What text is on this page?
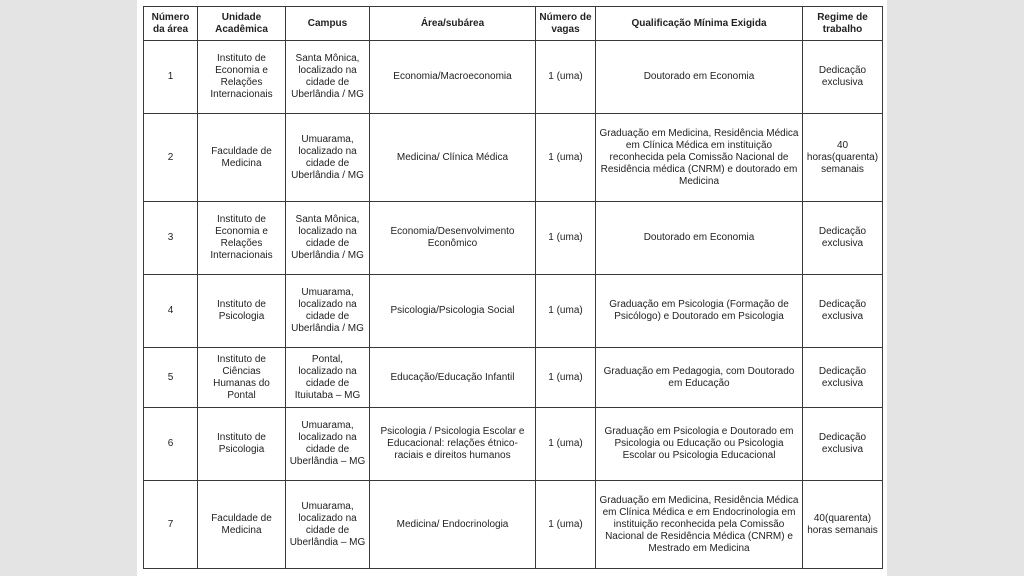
Número da área	Unidade Acadêmica	Campus	Área/subárea	Número de vagas	Qualificação Mínima Exigida	Regime de trabalho
1	Instituto de Economia e Relações Internacionais	Santa Mônica, localizado na cidade de Uberlândia / MG	Economia/Macroeconomia	1 (uma)	Doutorado em Economia	Dedicação exclusiva
2	Faculdade de Medicina	Umuarama, localizado na cidade de Uberlândia / MG	Medicina/ Clínica Médica	1 (uma)	Graduação em Medicina, Residência Médica em Clínica Médica em instituição reconhecida pela Comissão Nacional de Residência médica (CNRM) e doutorado em Medicina	40 horas(quarenta) semanais
3	Instituto de Economia e Relações Internacionais	Santa Mônica, localizado na cidade de Uberlândia / MG	Economia/Desenvolvimento Econômico	1 (uma)	Doutorado em Economia	Dedicação exclusiva
4	Instituto de Psicologia	Umuarama, localizado na cidade de Uberlândia / MG	Psicologia/Psicologia Social	1 (uma)	Graduação em Psicologia (Formação de Psicólogo) e Doutorado em Psicologia	Dedicação exclusiva
5	Instituto de Ciências Humanas do Pontal	Pontal, localizado na cidade de Ituiutaba – MG	Educação/Educação Infantil	1 (uma)	Graduação em Pedagogia, com Doutorado em Educação	Dedicação exclusiva
6	Instituto de Psicologia	Umuarama, localizado na cidade de Uberlândia – MG	Psicologia / Psicologia Escolar e Educacional: relações étnico-raciais e direitos humanos	1 (uma)	Graduação em Psicologia e Doutorado em Psicologia ou Educação ou Psicologia Escolar ou Psicologia Educacional	Dedicação exclusiva
7	Faculdade de Medicina	Umuarama, localizado na cidade de Uberlândia – MG	Medicina/ Endocrinologia	1 (uma)	Graduação em Medicina, Residência Médica em Clínica Médica e em Endocrinologia em instituição reconhecida pela Comissão Nacional de Residência Médica (CNRM) e Mestrado em Medicina	40(quarenta) horas semanais
